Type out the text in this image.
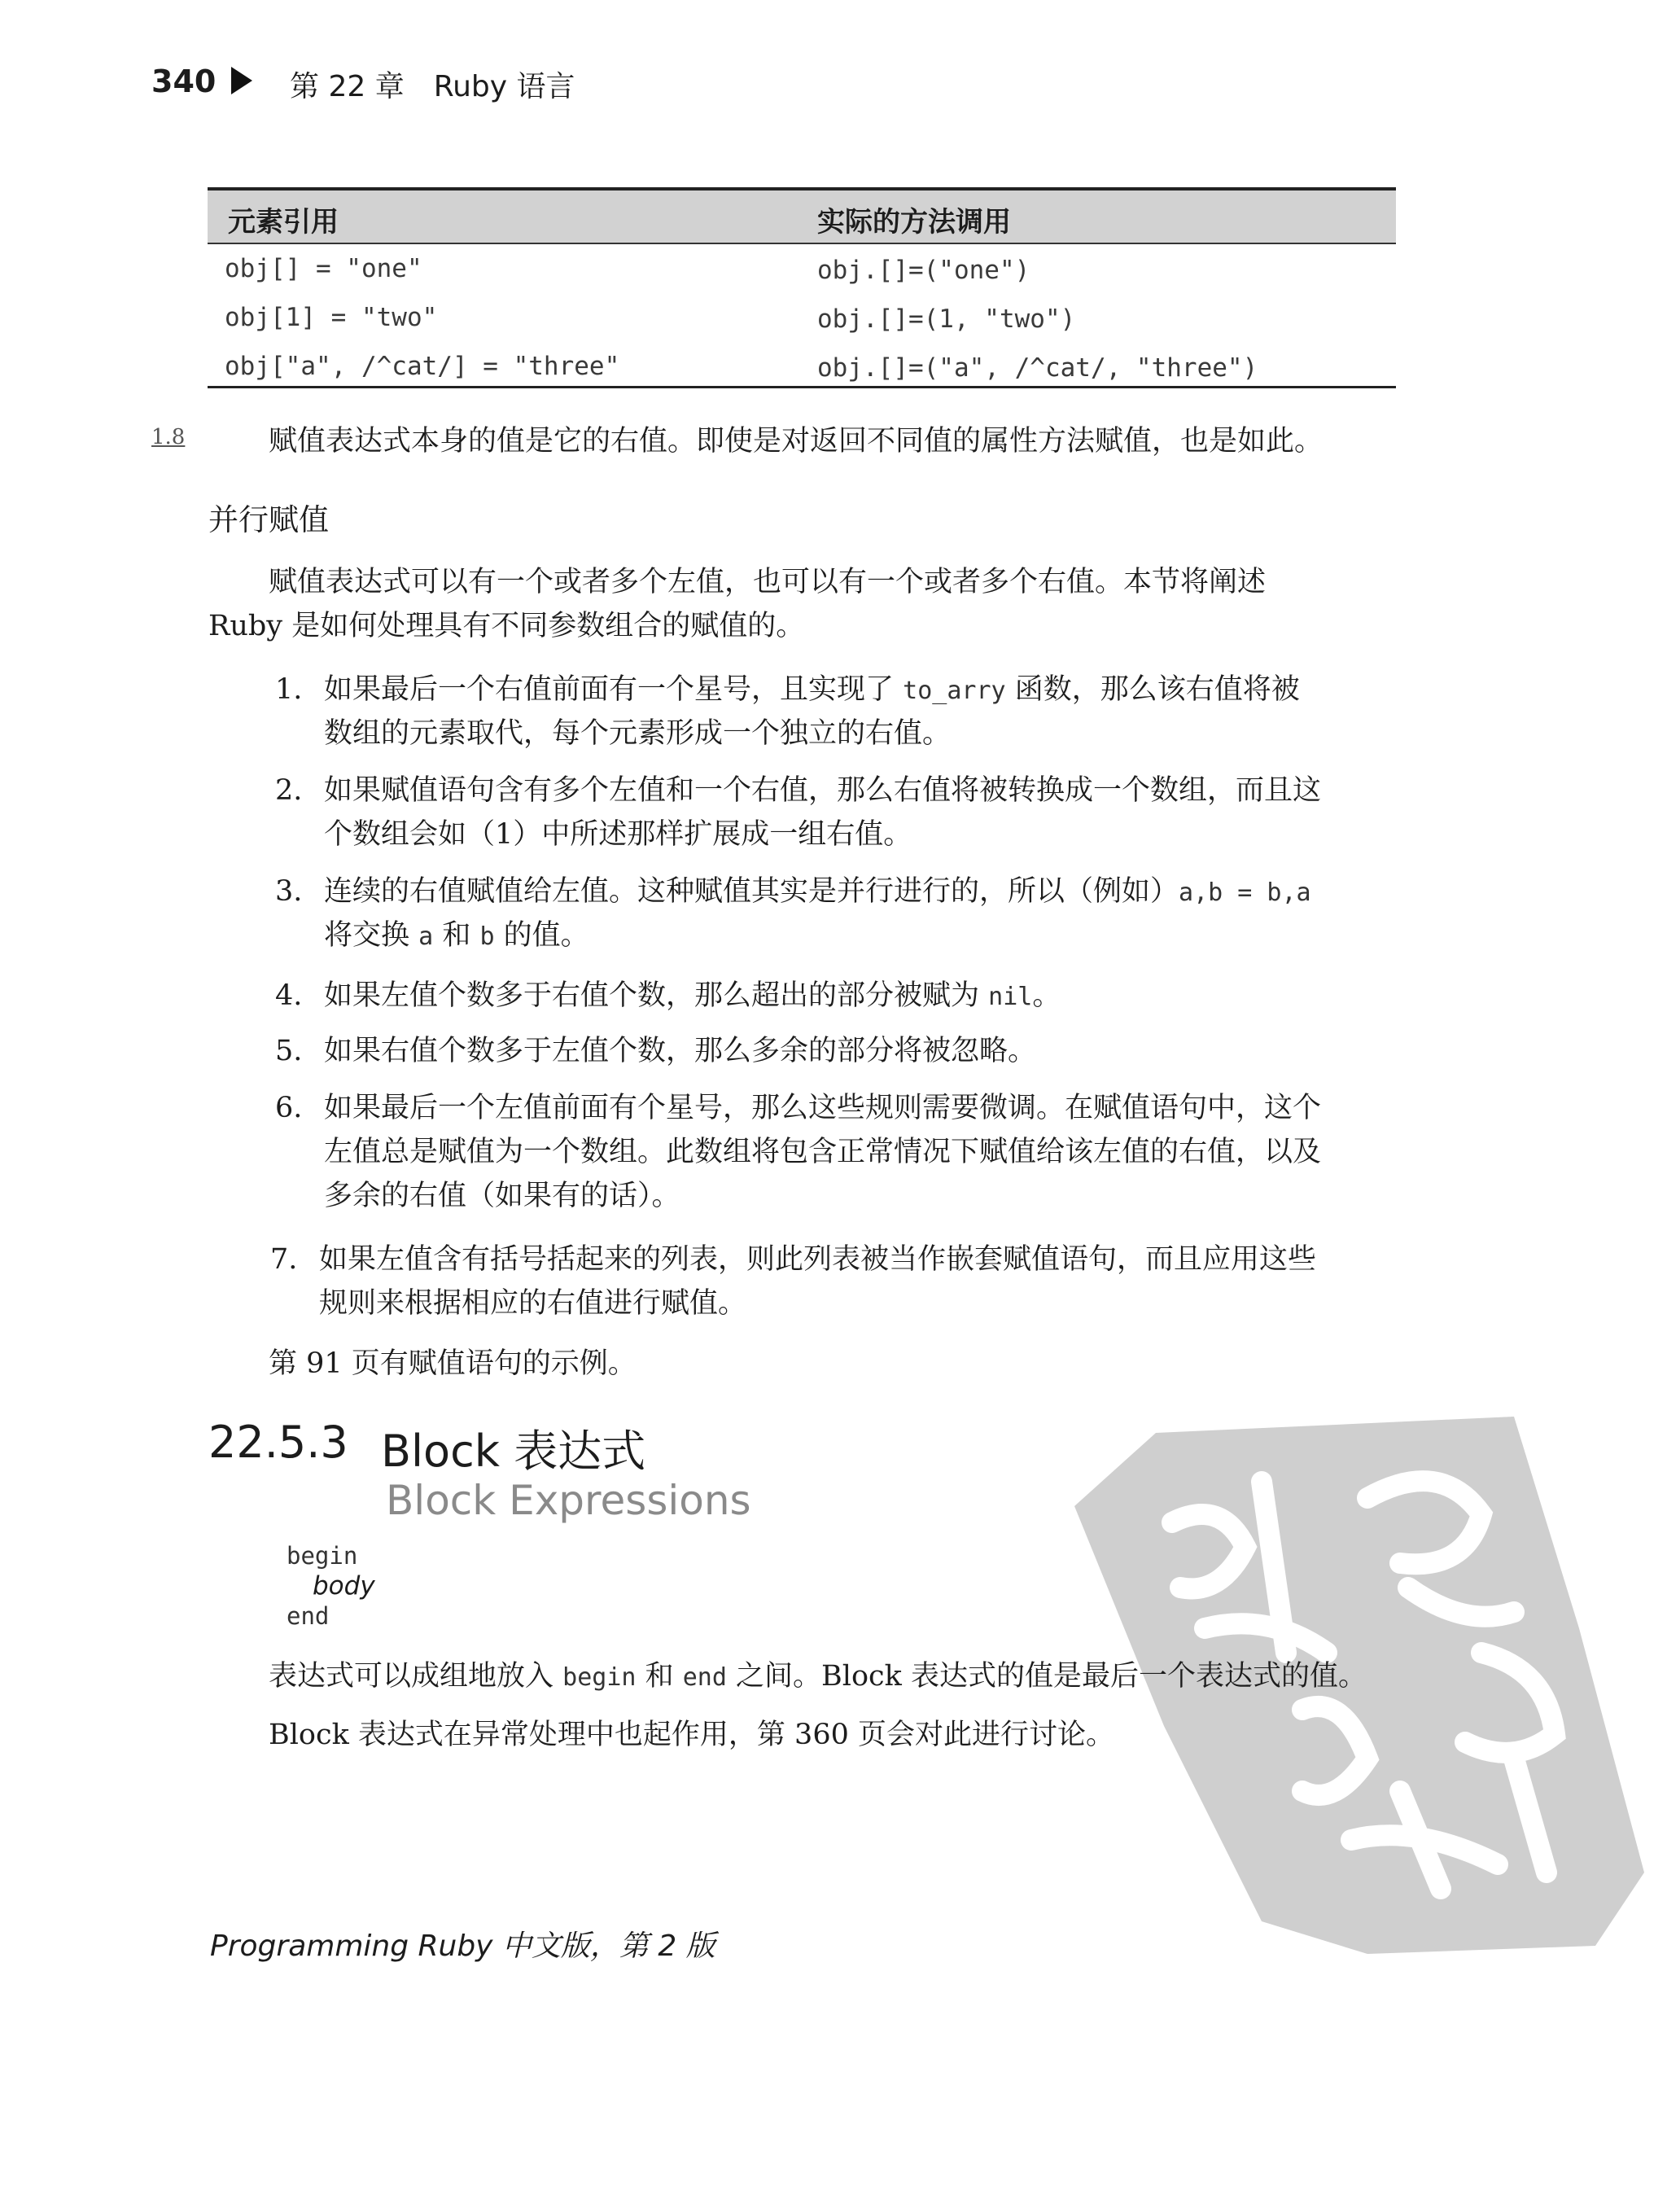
340	第 22 章　Ruby 语言
元素引用	实际的方法调用
obj[] = "one"	obj.[]=("one")
obj[1] = "two"	obj.[]=(1, "two")
obj["a", /^cat/] = "three"	obj.[]=("a", /^cat/, "three")
1.8	赋值表达式本身的值是它的右值。即使是对返回不同值的属性方法赋值，也是如此。
并行赋值
赋值表达式可以有一个或者多个左值，也可以有一个或者多个右值。本节将阐述
Ruby 是如何处理具有不同参数组合的赋值的。
1. 如果最后一个右值前面有一个星号，且实现了 to_arry 函数，那么该右值将被
数组的元素取代，每个元素形成一个独立的右值。
2. 如果赋值语句含有多个左值和一个右值，那么右值将被转换成一个数组，而且这
个数组会如（1）中所述那样扩展成一组右值。
3. 连续的右值赋值给左值。这种赋值其实是并行进行的，所以（例如）a,b = b,a
将交换 a 和 b 的值。
4. 如果左值个数多于右值个数，那么超出的部分被赋为 nil。
5. 如果右值个数多于左值个数，那么多余的部分将被忽略。
6. 如果最后一个左值前面有个星号，那么这些规则需要微调。在赋值语句中，这个
左值总是赋值为一个数组。此数组将包含正常情况下赋值给该左值的右值，以及
多余的右值（如果有的话）。
7. 如果左值含有括号括起来的列表，则此列表被当作嵌套赋值语句，而且应用这些
规则来根据相应的右值进行赋值。
第 91 页有赋值语句的示例。
22.5.3 Block 表达式
Block Expressions
begin
body
end
表达式可以成组地放入 begin 和 end 之间。Block 表达式的值是最后一个表达式的值。
Block 表达式在异常处理中也起作用，第 360 页会对此进行讨论。
Programming Ruby 中文版，第 2 版
